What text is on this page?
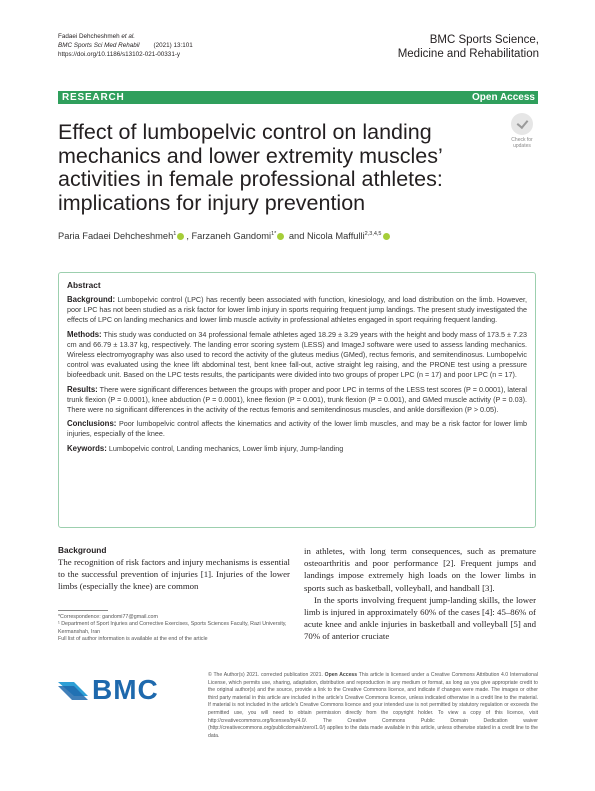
Fadaei Dehcheshmeh et al.
BMC Sports Sci Med Rehabil (2021) 13:101
https://doi.org/10.1186/s13102-021-00331-y
BMC Sports Science,
Medicine and Rehabilitation
RESEARCH	Open Access
Effect of lumbopelvic control on landing mechanics and lower extremity muscles’ activities in female professional athletes: implications for injury prevention
Check for
updates
Paria Fadaei Dehcheshmeh$^1$ , Farzaneh Gandomi$^{1*}$ and Nicola Maffulli$^{2,3,4,5}$
Abstract

Background: Lumbopelvic control (LPC) has recently been associated with function, kinesiology, and load distribution on the limb. However, poor LPC has not been studied as a risk factor for lower limb injury in sports requiring frequent jump landings. The present study investigated the effects of LPC on landing mechanics and lower limb muscle activity in professional athletes engaged in sport requiring frequent landing.

Methods: This study was conducted on 34 professional female athletes aged 18.29 ± 3.29 years with the height and body mass of 173.5 ± 7.23 cm and 66.79 ± 13.37 kg, respectively. The landing error scoring system (LESS) and ImageJ software were used to assess landing mechanics. Wireless electromyography was also used to record the activity of the gluteus medius (GMed), rectus femoris, and semitendinosus. Lumbopelvic control was evaluated using the knee lift abdominal test, bent knee fall-out, active straight leg raising, and the PRONE test using a pressure biofeedback unit. Based on the LPC tests results, the participants were divided into two groups of proper LPC (n = 17) and poor LPC (n = 17).

Results: There were significant differences between the groups with proper and poor LPC in terms of the LESS test scores (P = 0.0001), lateral trunk flexion (P = 0.0001), knee abduction (P = 0.0001), knee flexion (P = 0.001), trunk flexion (P = 0.001), and GMed muscle activity (P = 0.03). There were no significant differences in the activity of the rectus femoris and semitendinosus muscles, and ankle dorsiflexion (P > 0.05).

Conclusions: Poor lumbopelvic control affects the kinematics and activity of the lower limb muscles, and may be a risk factor for lower limb injuries, especially of the knee.

Keywords: Lumbopelvic control, Landing mechanics, Lower limb injury, Jump-landing

Background

The recognition of risk factors and injury mechanisms is essential to the successful prevention of injuries [1]. Injuries of the lower limbs (especially the knee) are common

*Correspondence: gandomi77@gmail.com
¹ Department of Sport Injuries and Corrective Exercises, Sports Sciences Faculty, Razi University, Kermanshah, Iran
Full list of author information is available at the end of the article

in athletes, with long term consequences, such as premature osteoarthritis and poor performance [2]. Frequent jumps and landings impose extremely high loads on the lower limbs in sports such as basketball, volleyball, and handball [3].

In the sports involving frequent jump-landing skills, the lower limb is injured in approximately 60% of the cases [4]: 45–86% of acute knee and ankle injuries in basketball and volleyball [5] and 70% of anterior cruciate

BMC	© The Author(s) 2021. corrected publication 2021. Open Access This article is licensed under a Creative Commons Attribution 4.0 International License, which permits use, sharing, adaptation, distribution and reproduction in any medium or format, as long as you give appropriate credit to the original author(s) and the source, provide a link to the Creative Commons licence, and indicate if changes were made. The images or other third party material in this article are included in the article’s Creative Commons licence, unless indicated otherwise in a credit line to the material. If material is not included in the article’s Creative Commons licence and your intended use is not permitted by statutory regulation or exceeds the permitted use, you will need to obtain permission directly from the copyright holder. To view a copy of this licence, visit http://creativecommons.org/licenses/by/4.0/. The Creative Commons Public Domain Dedication waiver (http://creativecommons.org/publicdomain/zero/1.0/) applies to the data made available in this article, unless otherwise stated in a credit line to the data.
